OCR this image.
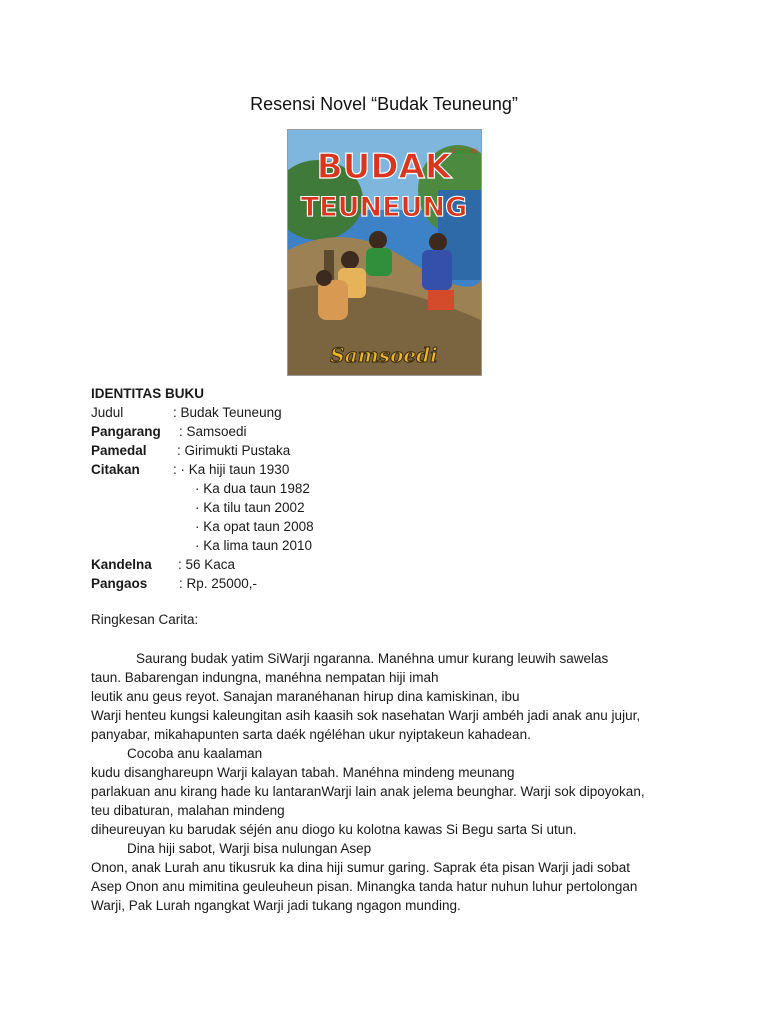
Resensi Novel “Budak Teuneung”
BUDAK
TEUNEUNG
Samsoedi
Girimukti
IDENTITAS BUKU
Judul	: Budak Teuneung
Pangarang	: Samsoedi
Pamedal	: Girimukti Pustaka
Citakan	: · Ka hiji taun 1930
· Ka dua taun 1982
· Ka tilu taun 2002
· Ka opat taun 2008
· Ka lima taun 2010
Kandelna	: 56 Kaca
Pangaos	: Rp. 25000,-
Ringkesan Carita:
Saurang budak yatim SiWarji ngaranna. Manéhna umur kurang leuwih sawelas
taun. Babarengan indungna, manéhna nempatan hiji imah
leutik anu geus reyot. Sanajan maranéhanan hirup dina kamiskinan, ibu
Warji henteu kungsi kaleungitan asih kaasih sok nasehatan Warji ambéh jadi anak anu jujur,
panyabar, mikahapunten sarta daék ngéléhan ukur nyiptakeun kahadean.
Cocoba anu kaalaman
kudu disanghareupn Warji kalayan tabah. Manéhna mindeng meunang
parlakuan anu kirang hade ku lantaranWarji lain anak jelema beunghar. Warji sok dipoyokan,
teu dibaturan, malahan mindeng
diheureuyan ku barudak séjén anu diogo ku kolotna kawas Si Begu sarta Si utun.
Dina hiji sabot, Warji bisa nulungan Asep
Onon, anak Lurah anu tikusruk ka dina hiji sumur garing. Saprak éta pisan Warji jadi sobat
Asep Onon anu mimitina geuleuheun pisan. Minangka tanda hatur nuhun luhur pertolongan
Warji, Pak Lurah ngangkat Warji jadi tukang ngagon munding.
